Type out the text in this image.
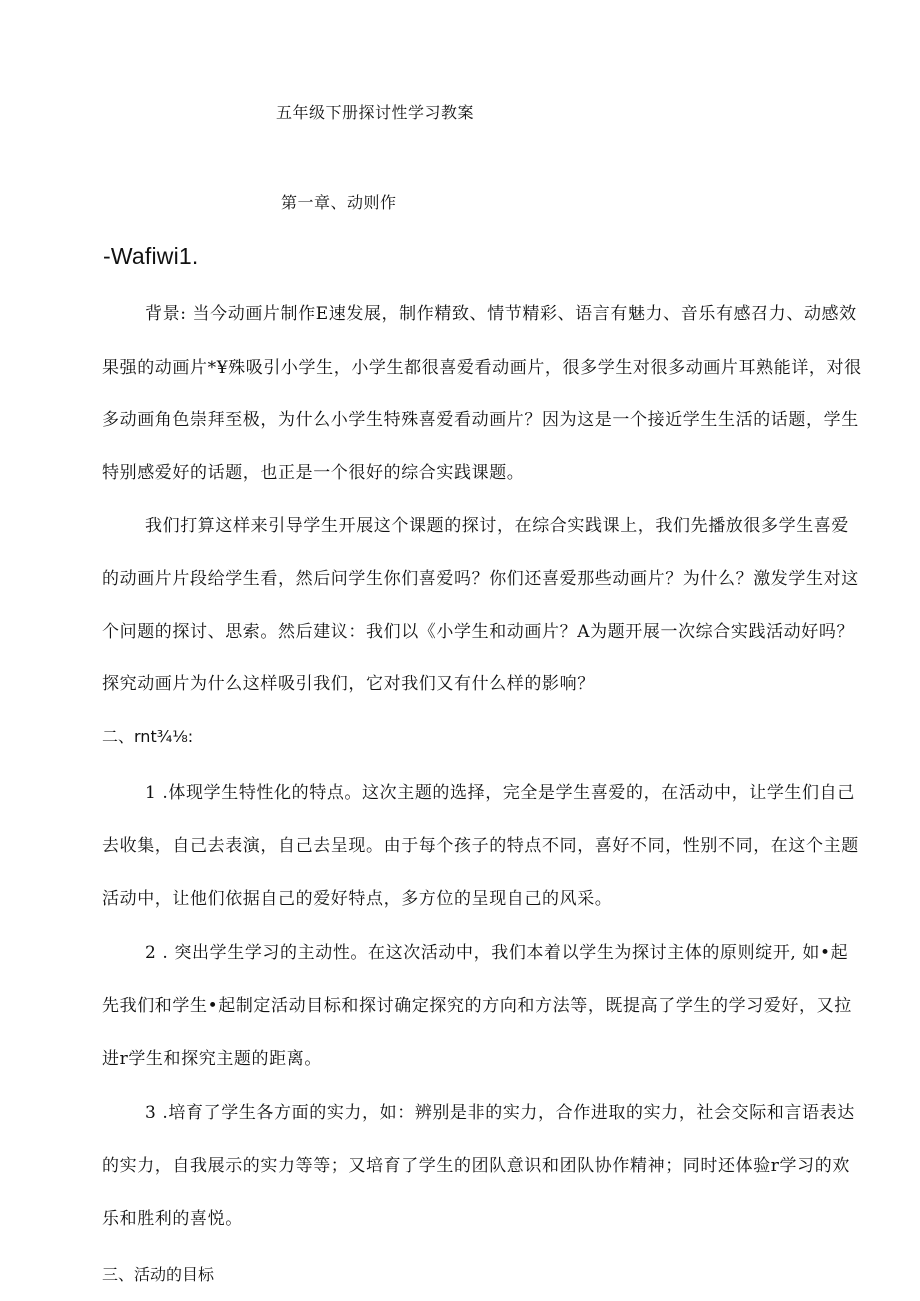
五年级下册探讨性学习教案
第一章、动则作
-Wafiwi1.
背景: 当今动画片制作E速发展，制作精致、情节精彩、语言有魅力、音乐有感召力、动感效
果强的动画片*¥殊吸引小学生，小学生都很喜爱看动画片，很多学生对很多动画片耳熟能详，对很
多动画角色崇拜至极，为什么小学生特殊喜爱看动画片？因为这是一个接近学生生活的话题，学生
特别感爱好的话题，也正是一个很好的综合实践课题。
我们打算这样来引导学生开展这个课题的探讨，在综合实践课上，我们先播放很多学生喜爱
的动画片片段给学生看，然后问学生你们喜爱吗？你们还喜爱那些动画片？为什么？激发学生对这
个问题的探讨、思索。然后建议：我们以《小学生和动画片？A为题开展一次综合实践活动好吗？
探究动画片为什么这样吸引我们，它对我们又有什么样的影响？
二、rnt¾⅛:
1 .体现学生特性化的特点。这次主题的选择，完全是学生喜爱的，在活动中，让学生们自己
去收集，自己去表演，自己去呈现。由于每个孩子的特点不同，喜好不同，性别不同，在这个主题
活动中，让他们依据自己的爱好特点，多方位的呈现自己的风采。
2 . 突出学生学习的主动性。在这次活动中，我们本着以学生为探讨主体的原则绽开, 如•起
先我们和学生•起制定活动目标和探讨确定探究的方向和方法等，既提高了学生的学习爱好，又拉
进r学生和探究主题的距离。
3 .培育了学生各方面的实力，如：辨别是非的实力，合作进取的实力，社会交际和言语表达
的实力，自我展示的实力等等；又培育了学生的团队意识和团队协作精神；同时还体验r学习的欢
乐和胜利的喜悦。
三、活动的目标
